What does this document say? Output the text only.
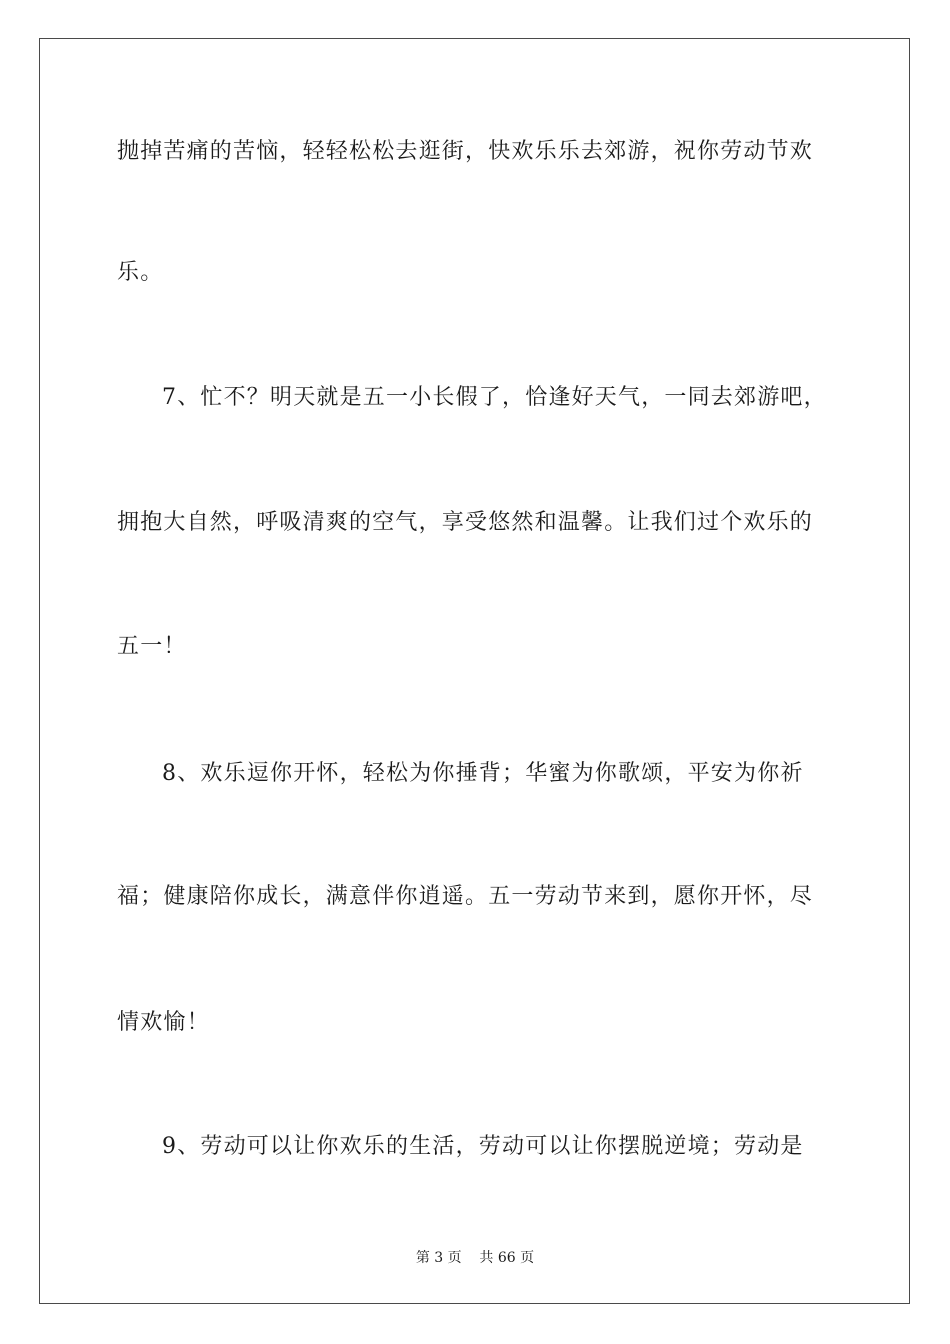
抛掉苦痛的苦恼，轻轻松松去逛街，快欢乐乐去郊游，祝你劳动节欢
乐。
7、忙不？明天就是五一小长假了，恰逢好天气，一同去郊游吧，
拥抱大自然，呼吸清爽的空气，享受悠然和温馨。让我们过个欢乐的
五一！
8、欢乐逗你开怀，轻松为你捶背；华蜜为你歌颂，平安为你祈
福；健康陪你成长，满意伴你逍遥。五一劳动节来到，愿你开怀，尽
情欢愉！
9、劳动可以让你欢乐的生活，劳动可以让你摆脱逆境；劳动是
第 3 页    共 66 页
